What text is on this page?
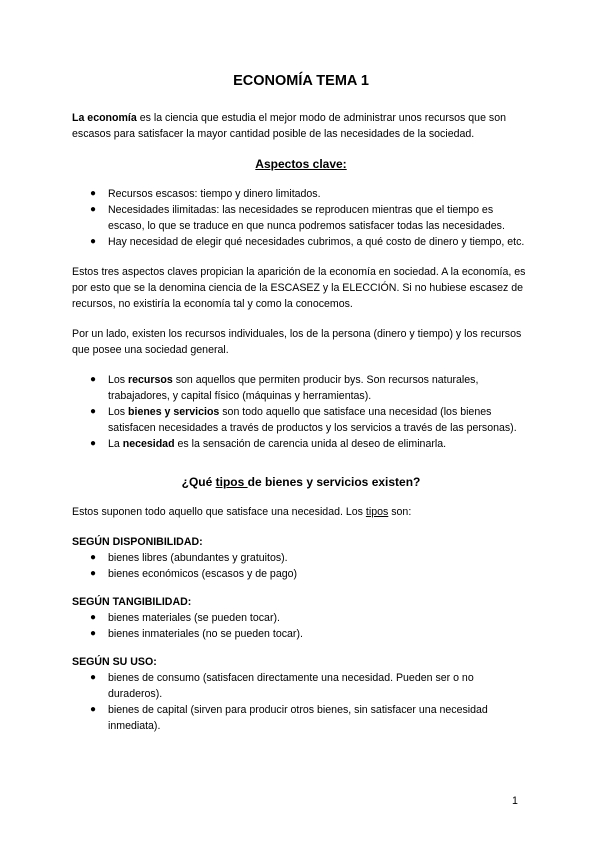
ECONOMÍA TEMA 1

La economía es la ciencia que estudia el mejor modo de administrar unos recursos que son escasos para satisfacer la mayor cantidad posible de las necesidades de la sociedad.

Aspectos clave:
● Recursos escasos: tiempo y dinero limitados.
● Necesidades ilimitadas: las necesidades se reproducen mientras que el tiempo es escaso, lo que se traduce en que nunca podremos satisfacer todas las necesidades.
● Hay necesidad de elegir qué necesidades cubrimos, a qué costo de dinero y tiempo, etc.

Estos tres aspectos claves propician la aparición de la economía en sociedad. A la economía, es por esto que se la denomina ciencia de la ESCASEZ y la ELECCIÓN. Si no hubiese escasez de recursos, no existiría la economía tal y como la conocemos.

Por un lado, existen los recursos individuales, los de la persona (dinero y tiempo) y los recursos que posee una sociedad general.

● Los recursos son aquellos que permiten producir bys. Son recursos naturales, trabajadores, y capital físico (máquinas y herramientas).
● Los bienes y servicios son todo aquello que satisface una necesidad (los bienes satisfacen necesidades a través de productos y los servicios a través de las personas).
● La necesidad es la sensación de carencia unida al deseo de eliminarla.
¿Qué tipos de bienes y servicios existen?

Estos suponen todo aquello que satisface una necesidad. Los tipos son:

SEGÚN DISPONIBILIDAD:

● bienes libres (abundantes y gratuitos).
● bienes económicos (escasos y de pago)

SEGÚN TANGIBILIDAD:

● bienes materiales (se pueden tocar).
● bienes inmateriales (no se pueden tocar).

SEGÚN SU USO:

● bienes de consumo (satisfacen directamente una necesidad. Pueden ser o no duraderos).
● bienes de capital (sirven para producir otros bienes, sin satisfacer una necesidad inmediata).
1
